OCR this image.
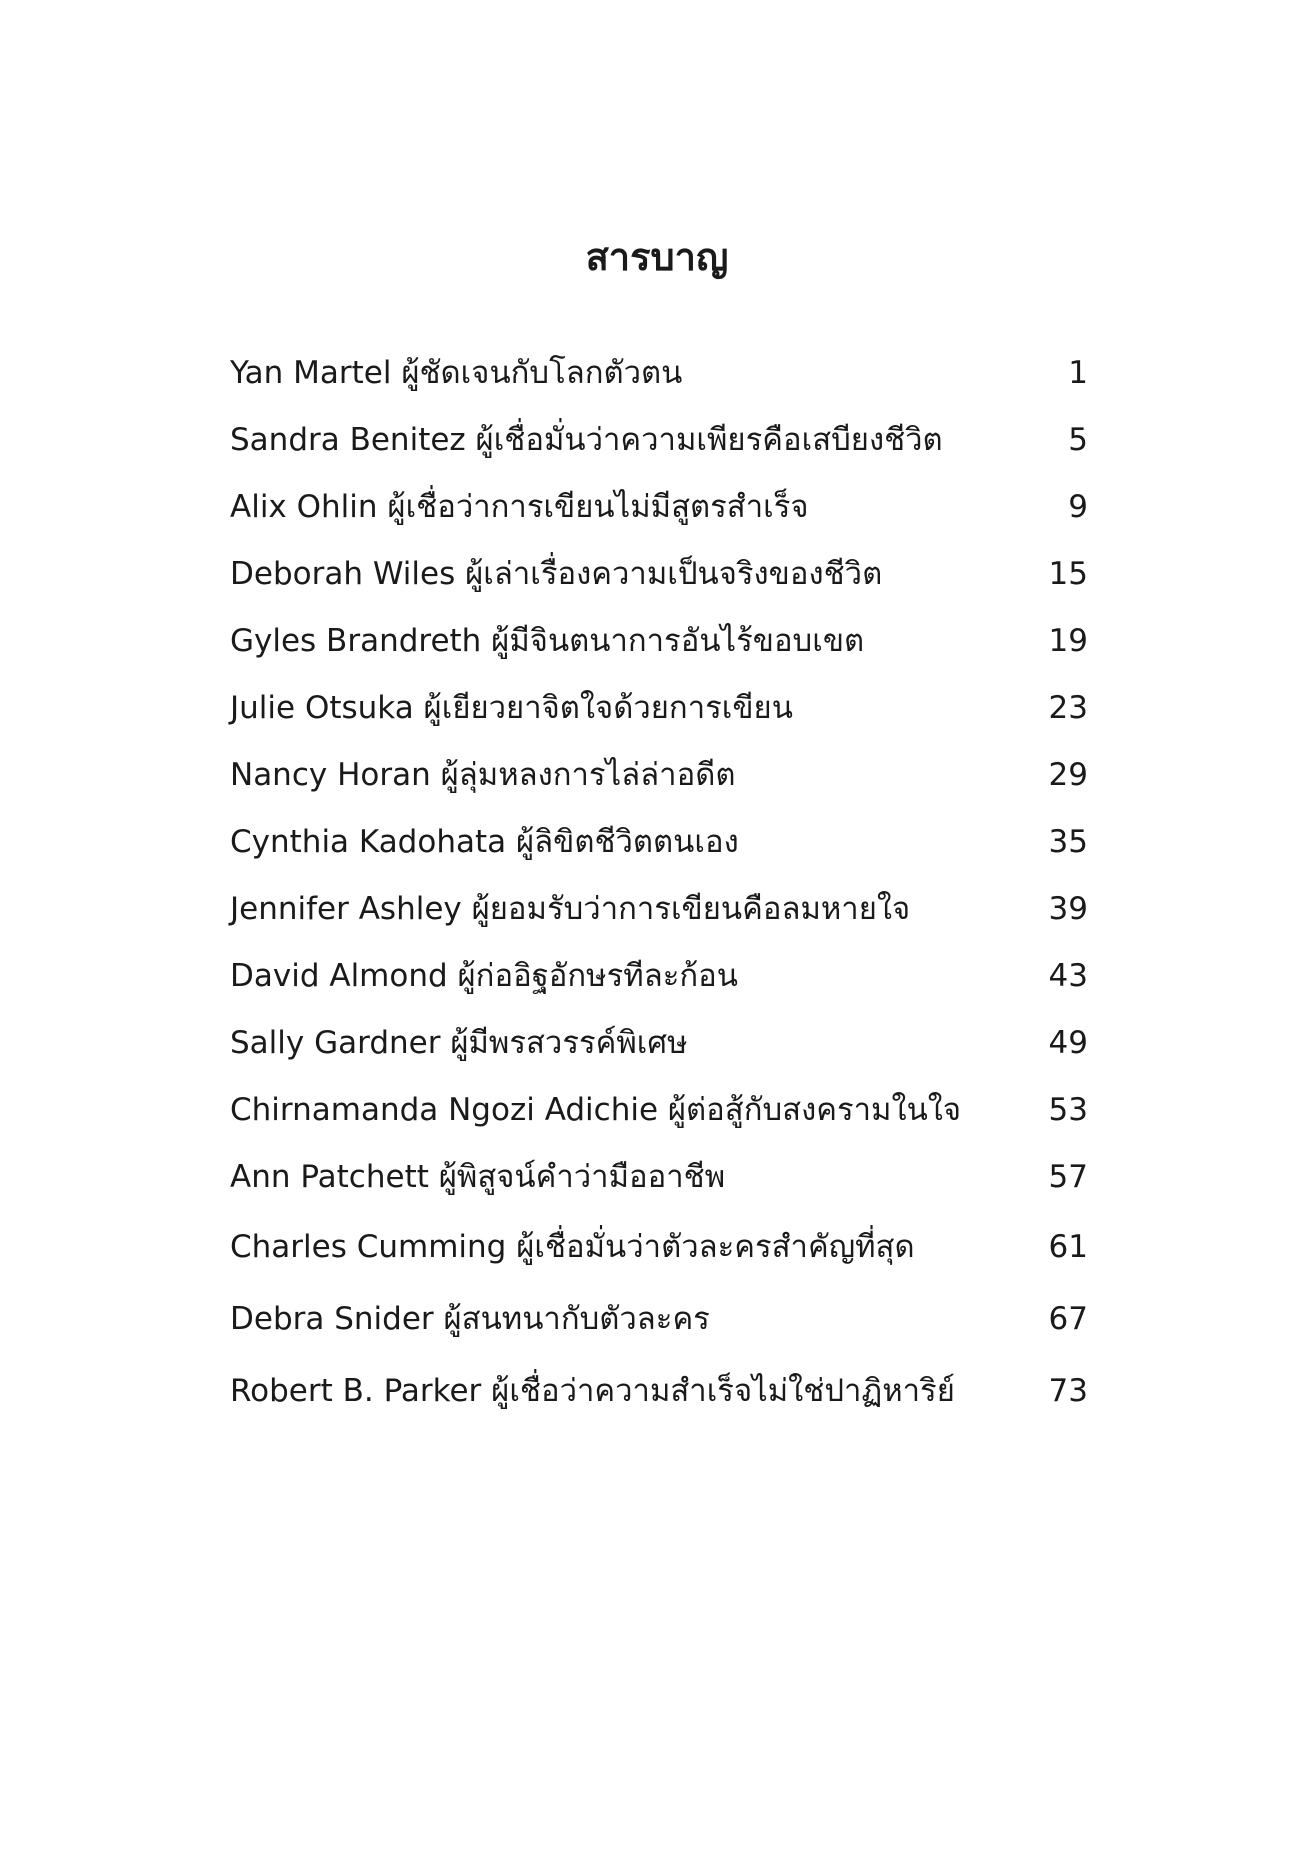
สารบาญ
Yan Martel ผู้ชัดเจนกับโลกตัวตน	1
Sandra Benitez ผู้เชื่อมั่นว่าความเพียรคือเสบียงชีวิต	5
Alix Ohlin ผู้เชื่อว่าการเขียนไม่มีสูตรสำเร็จ	9
Deborah Wiles ผู้เล่าเรื่องความเป็นจริงของชีวิต	15
Gyles Brandreth ผู้มีจินตนาการอันไร้ขอบเขต	19
Julie Otsuka ผู้เยียวยาจิตใจด้วยการเขียน	23
Nancy Horan ผู้ลุ่มหลงการไล่ล่าอดีต	29
Cynthia Kadohata ผู้ลิขิตชีวิตตนเอง	35
Jennifer Ashley ผู้ยอมรับว่าการเขียนคือลมหายใจ	39
David Almond ผู้ก่ออิฐอักษรทีละก้อน	43
Sally Gardner ผู้มีพรสวรรค์พิเศษ	49
Chirnamanda Ngozi Adichie ผู้ต่อสู้กับสงครามในใจ	53
Ann Patchett ผู้พิสูจน์คำว่ามืออาชีพ	57
Charles Cumming ผู้เชื่อมั่นว่าตัวละครสำคัญที่สุด	61
Debra Snider ผู้สนทนากับตัวละคร	67
Robert B. Parker ผู้เชื่อว่าความสำเร็จไม่ใช่ปาฏิหาริย์	73
